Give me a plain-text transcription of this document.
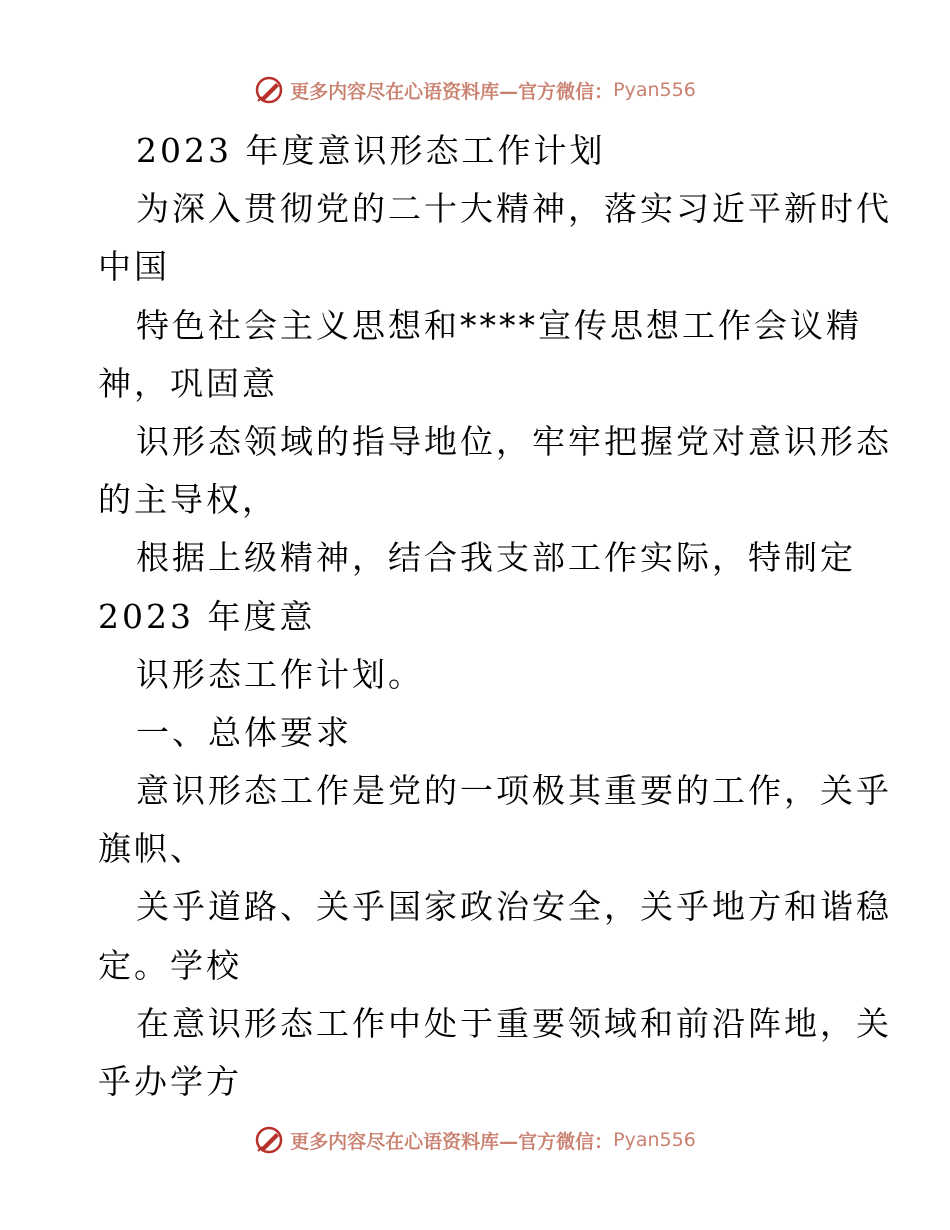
更多内容尽在心语资料库—官方微信： Pyan556
2023 年度意识形态工作计划
为深入贯彻党的二十大精神，落实习近平新时代
中国
特色社会主义思想和****宣传思想工作会议精
神，巩固意
识形态领域的指导地位，牢牢把握党对意识形态
的主导权，
根据上级精神，结合我支部工作实际，特制定
2023 年度意
识形态工作计划。
一、总体要求
意识形态工作是党的一项极其重要的工作，关乎
旗帜、
关乎道路、关乎国家政治安全，关乎地方和谐稳
定。学校
在意识形态工作中处于重要领域和前沿阵地，关
乎办学方
更多内容尽在心语资料库—官方微信： Pyan556
